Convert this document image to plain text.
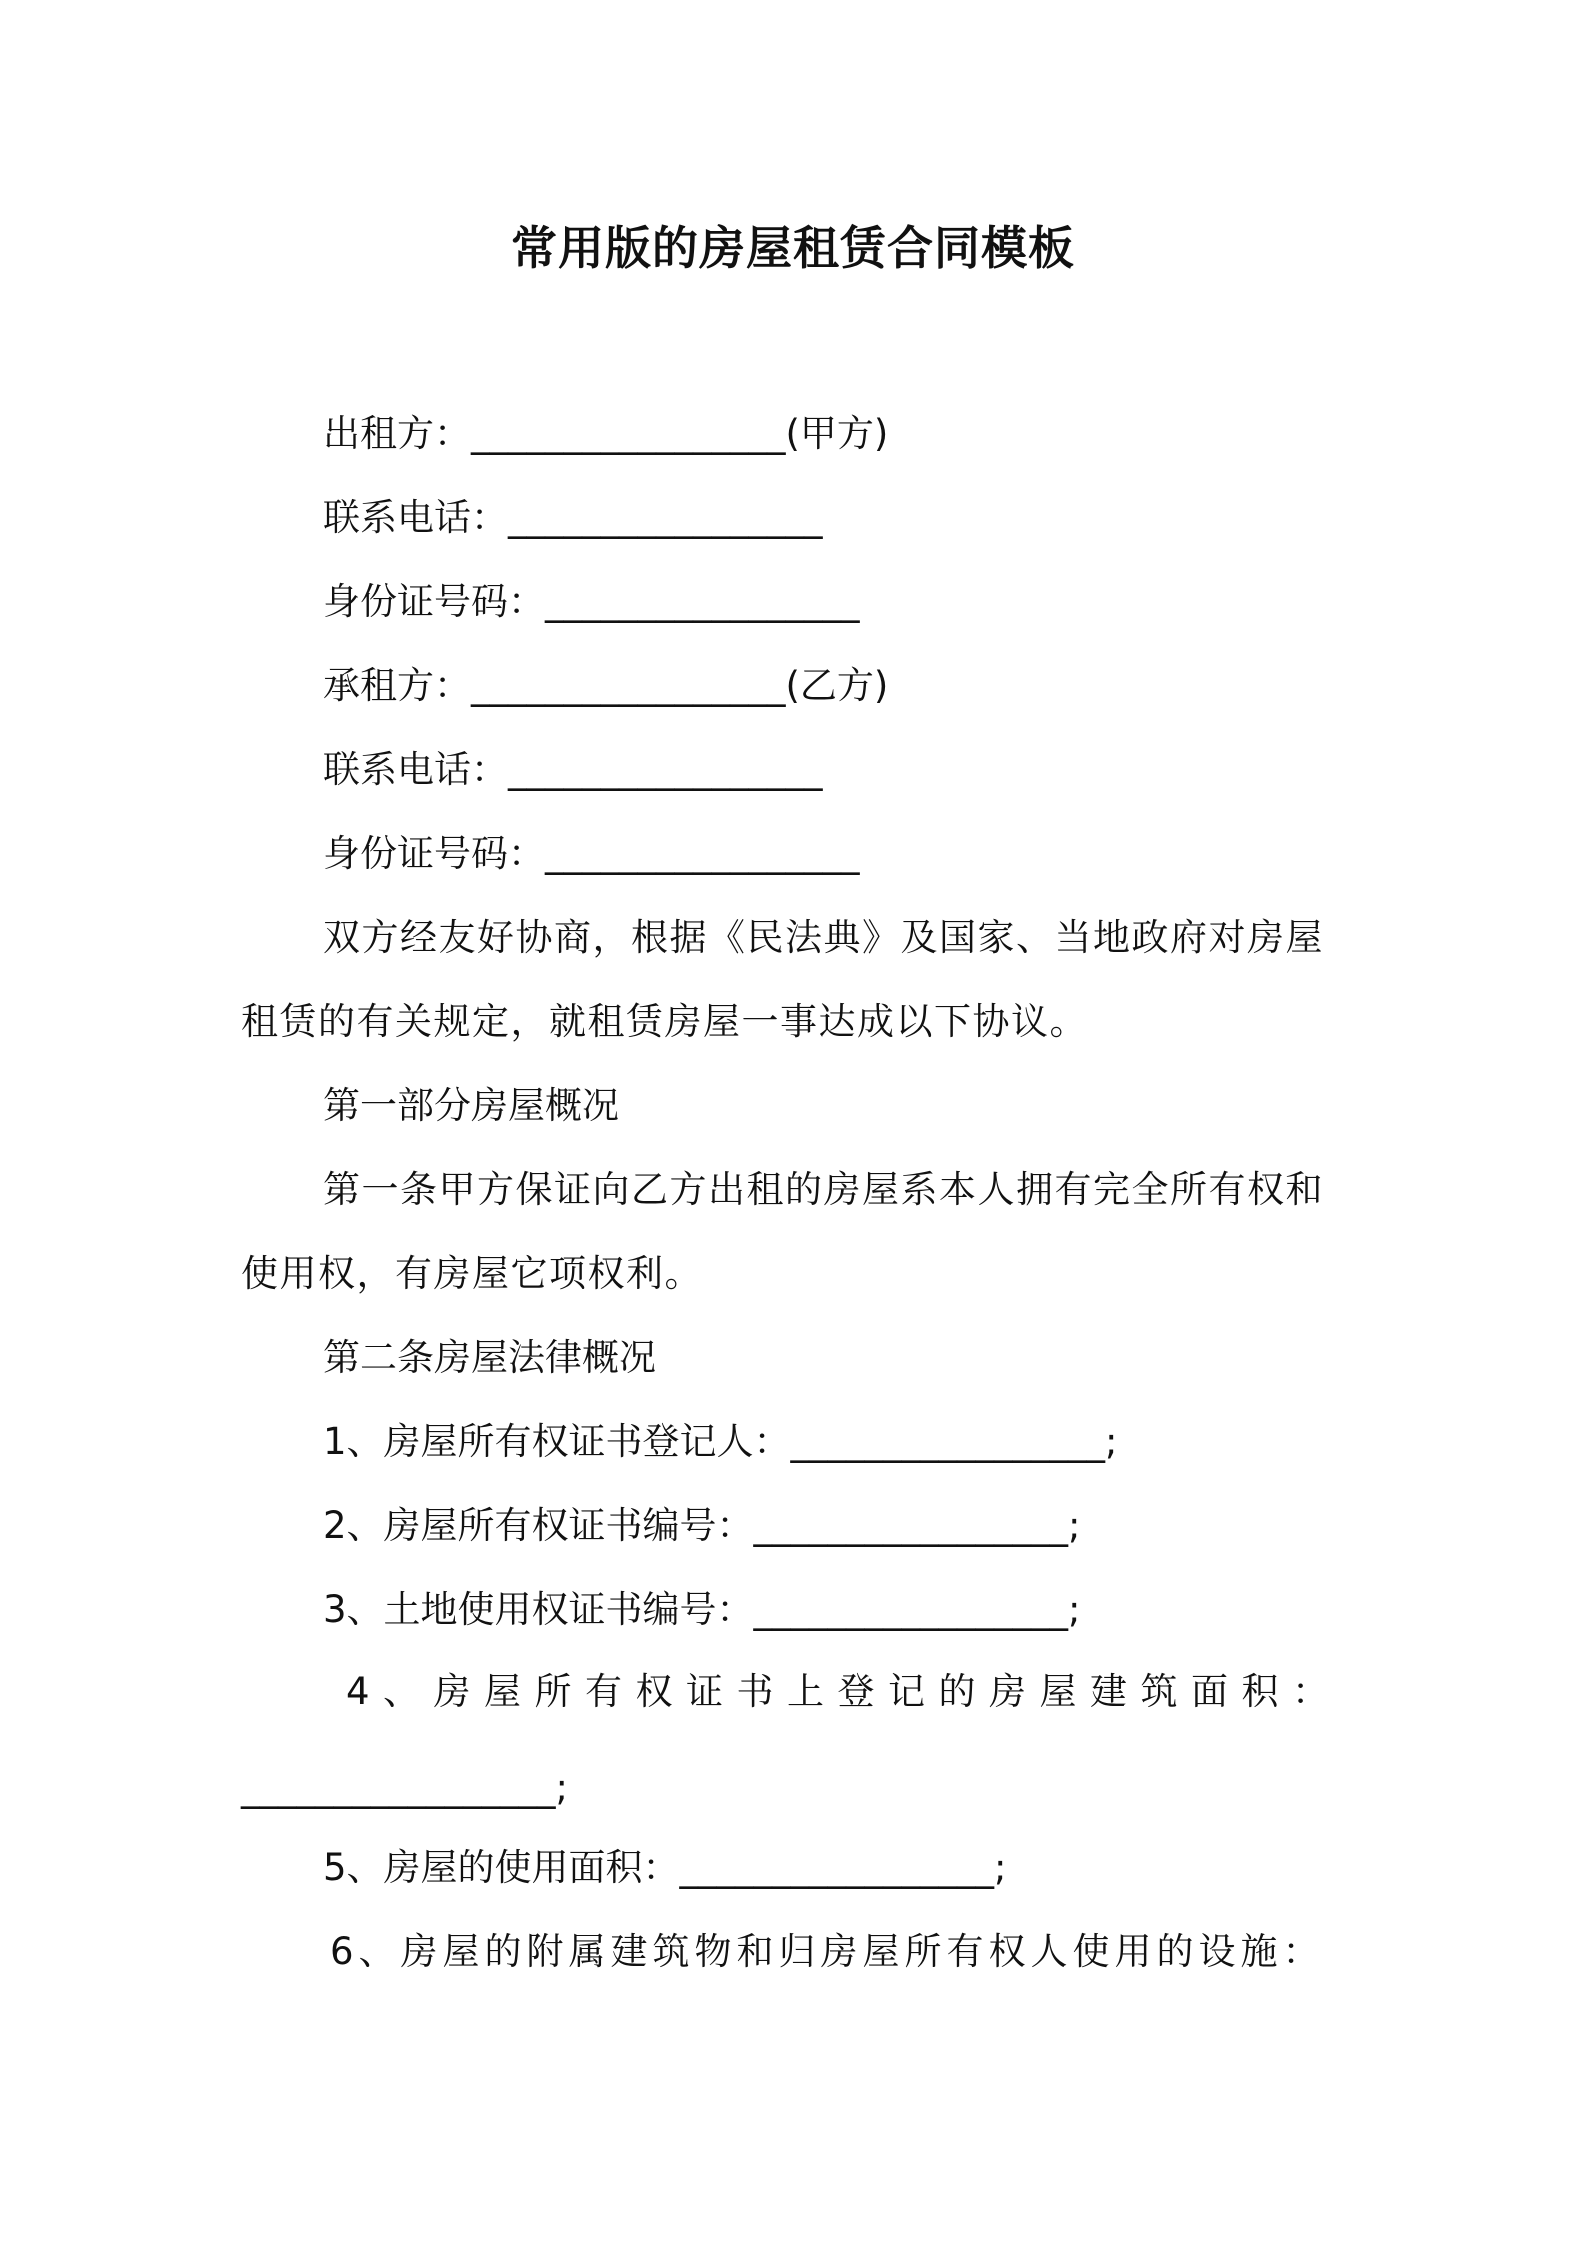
常用版的房屋租赁合同模板
出租方：_________________(甲方)
联系电话：_________________
身份证号码：_________________
承租方：_________________(乙方)
联系电话：_________________
身份证号码：_________________

双方经友好协商，根据《民法典》及国家、当地政府对房屋租赁的有关规定，就租赁房屋一事达成以下协议。

第一部分房屋概况

第一条甲方保证向乙方出租的房屋系本人拥有完全所有权和使用权，有房屋它项权利。

第二条房屋法律概况
1、房屋所有权证书登记人：_________________;
2、房屋所有权证书编号：_________________;
3、土地使用权证书编号：_________________;
4、房屋所有权证书上登记的房屋建筑面积：
_________________;
5、房屋的使用面积：_________________;
6、房屋的附属建筑物和归房屋所有权人使用的设施：
